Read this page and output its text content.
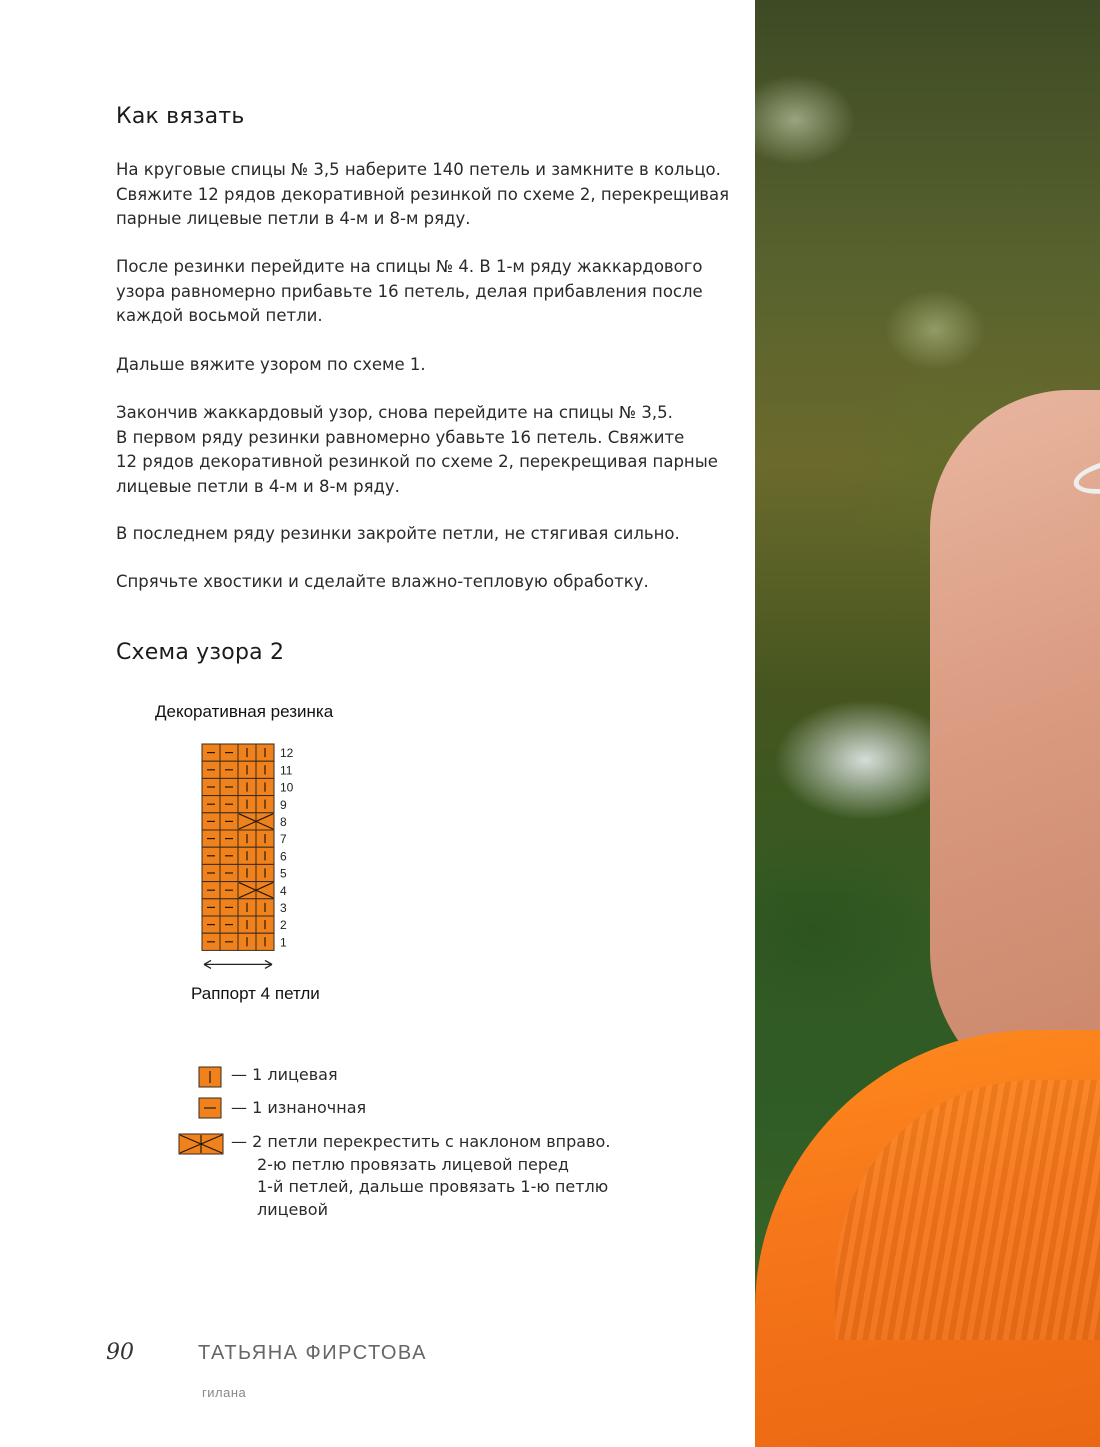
Как вязать

На круговые спицы № 3,5 наберите 140 петель и замкните в кольцо.
Свяжите 12 рядов декоративной резинкой по схеме 2, перекрещивая
парные лицевые петли в 4-м и 8-м ряду.

После резинки перейдите на спицы № 4. В 1-м ряду жаккардового
узора равномерно прибавьте 16 петель, делая прибавления после
каждой восьмой петли.

Дальше вяжите узором по схеме 1.

Закончив жаккардовый узор, снова перейдите на спицы № 3,5.
В первом ряду резинки равномерно убавьте 16 петель. Свяжите
12 рядов декоративной резинкой по схеме 2, перекрещивая парные
лицевые петли в 4-м и 8-м ряду.

В последнем ряду резинки закройте петли, не стягивая сильно.

Спрячьте хвостики и сделайте влажно-тепловую обработку.

Схема узора 2
Декоративная резинка
12
11
10
9
8
7
6
5
4
3
2
1
Раппорт 4 петли
— 1 лицевая
— 1 изнаночная
— 2 петли перекрестить с наклоном вправо.
2-ю петлю провязать лицевой перед
1-й петлей, дальше провязать 1-ю петлю
лицевой
90	ТАТЬЯНА ФИРСТОВА
гилана
